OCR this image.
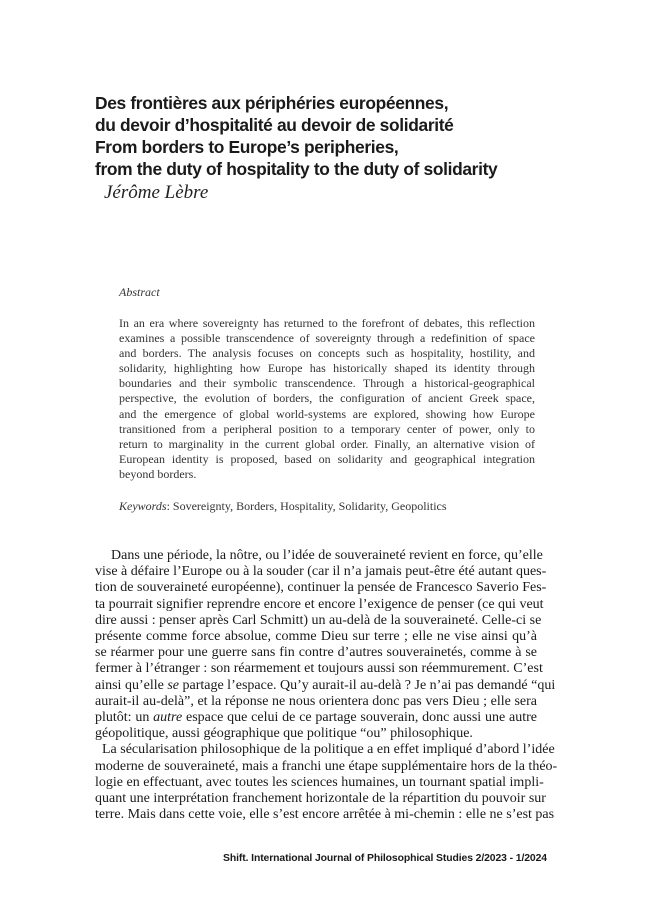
Des frontières aux périphéries européennes,
du devoir d’hospitalité au devoir de solidarité
From borders to Europe’s peripheries,
from the duty of hospitality to the duty of solidarity
Jérôme Lèbre
Abstract
In an era where sovereignty has returned to the forefront of debates, this reflection
examines a possible transcendence of sovereignty through a redefinition of space
and borders. The analysis focuses on concepts such as hospitality, hostility, and
solidarity, highlighting how Europe has historically shaped its identity through
boundaries and their symbolic transcendence. Through a historical-geographical
perspective, the evolution of borders, the configuration of ancient Greek space,
and the emergence of global world-systems are explored, showing how Europe
transitioned from a peripheral position to a temporary center of power, only to
return to marginality in the current global order. Finally, an alternative vision of
European identity is proposed, based on solidarity and geographical integration
beyond borders.
Keywords: Sovereignty, Borders, Hospitality, Solidarity, Geopolitics
Dans une période, la nôtre, ou l’idée de souveraineté revient en force, qu’elle
vise à défaire l’Europe ou à la souder (car il n’a jamais peut-être été autant ques-
tion de souveraineté européenne), continuer la pensée de Francesco Saverio Fes-
ta pourrait signifier reprendre encore et encore l’exigence de penser (ce qui veut
dire aussi : penser après Carl Schmitt) un au-delà de la souveraineté. Celle-ci se
présente comme force absolue, comme Dieu sur terre ; elle ne vise ainsi qu’à
se réarmer pour une guerre sans fin contre d’autres souverainetés, comme à se
fermer à l’étranger : son réarmement et toujours aussi son réemmurement. C’est
ainsi qu’elle se partage l’espace. Qu’y aurait-il au-delà ? Je n’ai pas demandé “qui
aurait-il au-delà”, et la réponse ne nous orientera donc pas vers Dieu ; elle sera
plutôt: un autre espace que celui de ce partage souverain, donc aussi une autre
géopolitique, aussi géographique que politique “ou” philosophique.
La sécularisation philosophique de la politique a en effet impliqué d’abord l’idée
moderne de souveraineté, mais a franchi une étape supplémentaire hors de la théo-
logie en effectuant, avec toutes les sciences humaines, un tournant spatial impli-
quant une interprétation franchement horizontale de la répartition du pouvoir sur
terre. Mais dans cette voie, elle s’est encore arrêtée à mi-chemin : elle ne s’est pas
Shift. International Journal of Philosophical Studies 2/2023 - 1/2024
